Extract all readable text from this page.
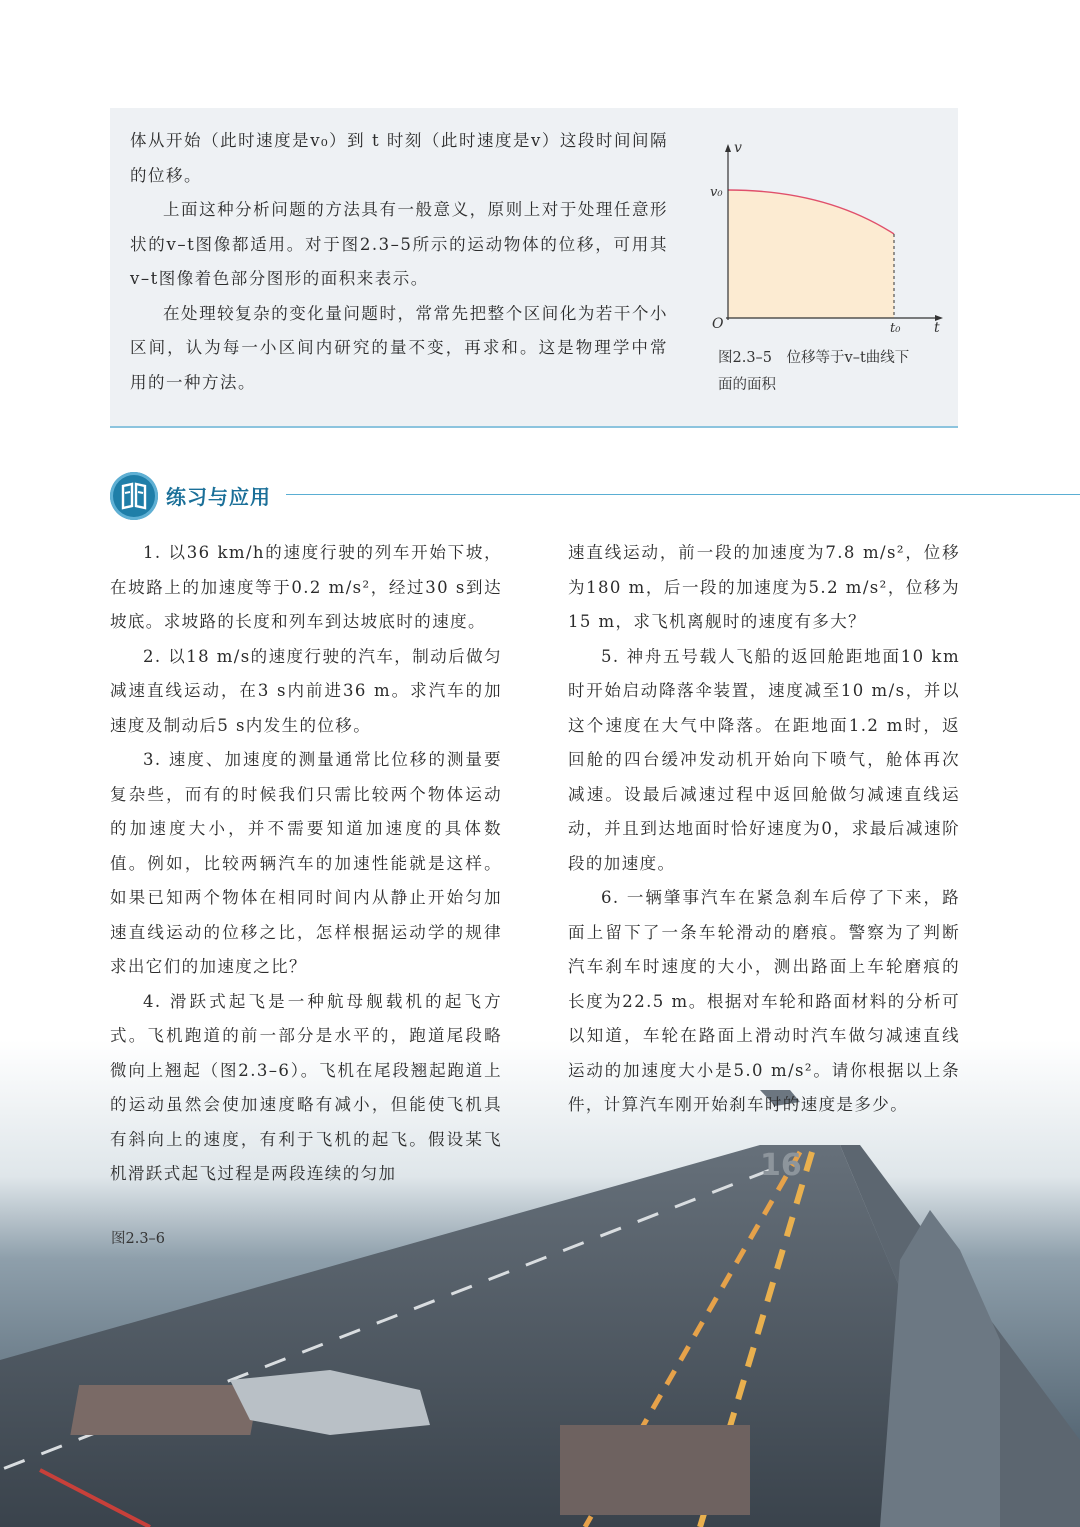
体从开始（此时速度是v₀）到 t 时刻（此时速度是v）这段时间间隔的位移。

上面这种分析问题的方法具有一般意义，原则上对于处理任意形状的v–t图像都适用。对于图2.3–5所示的运动物体的位移，可用其v–t图像着色部分图形的面积来表示。

在处理较复杂的变化量问题时，常常先把整个区间化为若干个小区间，认为每一小区间内研究的量不变，再求和。这是物理学中常用的一种方法。

v
t
O
v₀
t₀
图2.3–5　位移等于v–t曲线下
面的面积
练习与应用
16
图2.3–6

1. 以36 km/h的速度行驶的列车开始下坡，在坡路上的加速度等于0.2 m/s²，经过30 s到达坡底。求坡路的长度和列车到达坡底时的速度。

2. 以18 m/s的速度行驶的汽车，制动后做匀减速直线运动，在3 s内前进36 m。求汽车的加速度及制动后5 s内发生的位移。

3. 速度、加速度的测量通常比位移的测量要复杂些，而有的时候我们只需比较两个物体运动的加速度大小，并不需要知道加速度的具体数值。例如，比较两辆汽车的加速性能就是这样。如果已知两个物体在相同时间内从静止开始匀加速直线运动的位移之比，怎样根据运动学的规律求出它们的加速度之比？

4. 滑跃式起飞是一种航母舰载机的起飞方式。飞机跑道的前一部分是水平的，跑道尾段略微向上翘起（图2.3–6）。飞机在尾段翘起跑道上的运动虽然会使加速度略有减小，但能使飞机具有斜向上的速度，有利于飞机的起飞。假设某飞机滑跃式起飞过程是两段连续的匀加

速直线运动，前一段的加速度为7.8 m/s²，位移为180 m，后一段的加速度为5.2 m/s²，位移为15 m，求飞机离舰时的速度有多大？

5. 神舟五号载人飞船的返回舱距地面10 km时开始启动降落伞装置，速度减至10 m/s，并以这个速度在大气中降落。在距地面1.2 m时，返回舱的四台缓冲发动机开始向下喷气，舱体再次减速。设最后减速过程中返回舱做匀减速直线运动，并且到达地面时恰好速度为0，求最后减速阶段的加速度。

6. 一辆肇事汽车在紧急刹车后停了下来，路面上留下了一条车轮滑动的磨痕。警察为了判断汽车刹车时速度的大小，测出路面上车轮磨痕的长度为22.5 m。根据对车轮和路面材料的分析可以知道，车轮在路面上滑动时汽车做匀减速直线运动的加速度大小是5.0 m/s²。请你根据以上条件，计算汽车刚开始刹车时的速度是多少。
